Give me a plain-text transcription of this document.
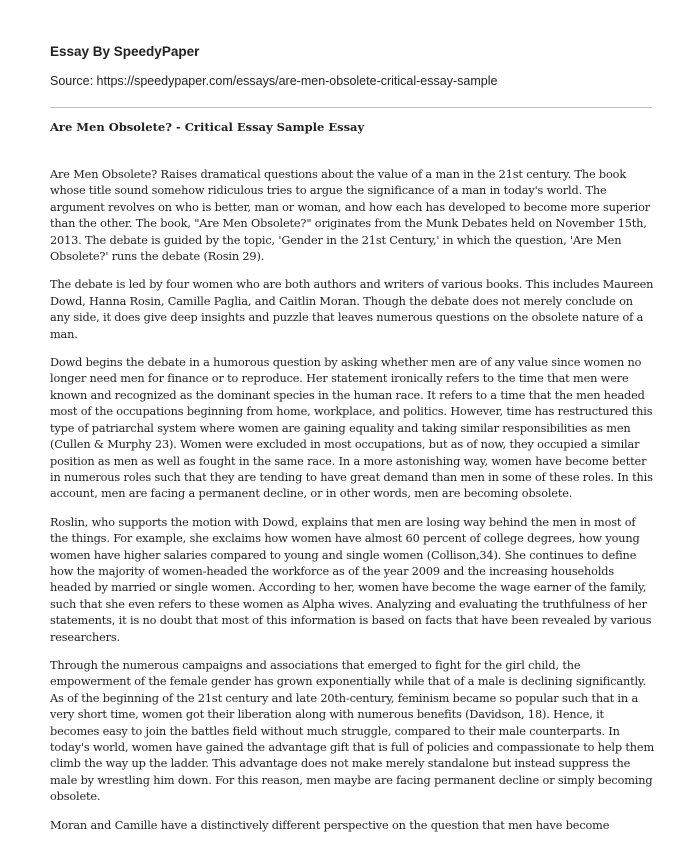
Essay By SpeedyPaper
Source: https://speedypaper.com/essays/are-men-obsolete-critical-essay-sample
Are Men Obsolete? - Critical Essay Sample Essay

Are Men Obsolete? Raises dramatical questions about the value of a man in the 21st century. The book whose title sound somehow ridiculous tries to argue the significance of a man in today's world. The argument revolves on who is better, man or woman, and how each has developed to become more superior than the other. The book, "Are Men Obsolete?" originates from the Munk Debates held on November 15th, 2013. The debate is guided by the topic, 'Gender in the 21st Century,' in which the question, 'Are Men Obsolete?' runs the debate (Rosin 29).

The debate is led by four women who are both authors and writers of various books. This includes Maureen Dowd, Hanna Rosin, Camille Paglia, and Caitlin Moran. Though the debate does not merely conclude on any side, it does give deep insights and puzzle that leaves numerous questions on the obsolete nature of a man.

Dowd begins the debate in a humorous question by asking whether men are of any value since women no longer need men for finance or to reproduce. Her statement ironically refers to the time that men were known and recognized as the dominant species in the human race. It refers to a time that the men headed most of the occupations beginning from home, workplace, and politics. However, time has restructured this type of patriarchal system where women are gaining equality and taking similar responsibilities as men (Cullen & Murphy 23). Women were excluded in most occupations, but as of now, they occupied a similar position as men as well as fought in the same race. In a more astonishing way, women have become better in numerous roles such that they are tending to have great demand than men in some of these roles. In this account, men are facing a permanent decline, or in other words, men are becoming obsolete.

Roslin, who supports the motion with Dowd, explains that men are losing way behind the men in most of the things. For example, she exclaims how women have almost 60 percent of college degrees, how young women have higher salaries compared to young and single women (Collison,34). She continues to define how the majority of women-headed the workforce as of the year 2009 and the increasing households headed by married or single women. According to her, women have become the wage earner of the family, such that she even refers to these women as Alpha wives. Analyzing and evaluating the truthfulness of her statements, it is no doubt that most of this information is based on facts that have been revealed by various researchers.

Through the numerous campaigns and associations that emerged to fight for the girl child, the empowerment of the female gender has grown exponentially while that of a male is declining significantly. As of the beginning of the 21st century and late 20th-century, feminism became so popular such that in a very short time, women got their liberation along with numerous benefits (Davidson, 18). Hence, it becomes easy to join the battles field without much struggle, compared to their male counterparts. In today's world, women have gained the advantage gift that is full of policies and compassionate to help them climb the way up the ladder. This advantage does not make merely standalone but instead suppress the male by wrestling him down. For this reason, men maybe are facing permanent decline or simply becoming obsolete.

Moran and Camille have a distinctively different perspective on the question that men have become
